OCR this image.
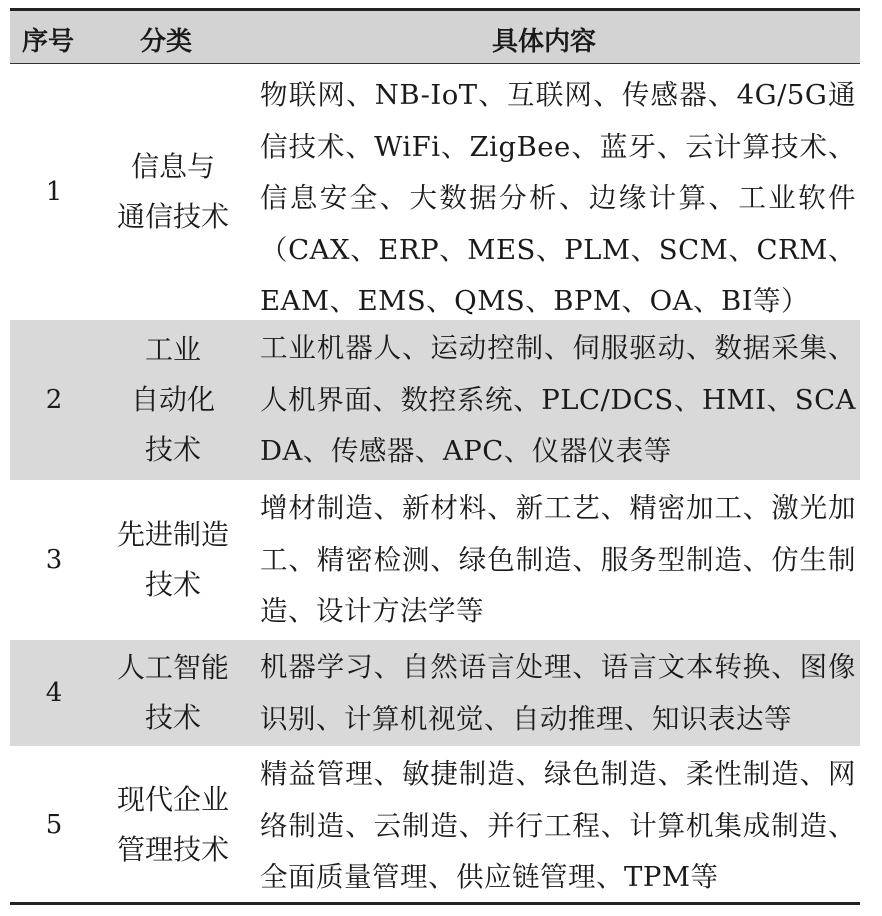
序号	分类	具体内容
1
信息与
通信技术
物联网、NB-IoT、互联网、传感器、4G/5G通信技术、WiFi、ZigBee、蓝牙、云计算技术、信息安全、大数据分析、边缘计算、工业软件（CAX、ERP、MES、PLM、SCM、CRM、EAM、EMS、QMS、BPM、OA、BI等）
2
工业
自动化
技术
工业机器人、运动控制、伺服驱动、数据采集、人机界面、数控系统、PLC/DCS、HMI、SCADA、传感器、APC、仪器仪表等
3
先进制造
技术
增材制造、新材料、新工艺、精密加工、激光加工、精密检测、绿色制造、服务型制造、仿生制造、设计方法学等
4
人工智能
技术
机器学习、自然语言处理、语言文本转换、图像识别、计算机视觉、自动推理、知识表达等
5
现代企业
管理技术
精益管理、敏捷制造、绿色制造、柔性制造、网络制造、云制造、并行工程、计算机集成制造、全面质量管理、供应链管理、TPM等
